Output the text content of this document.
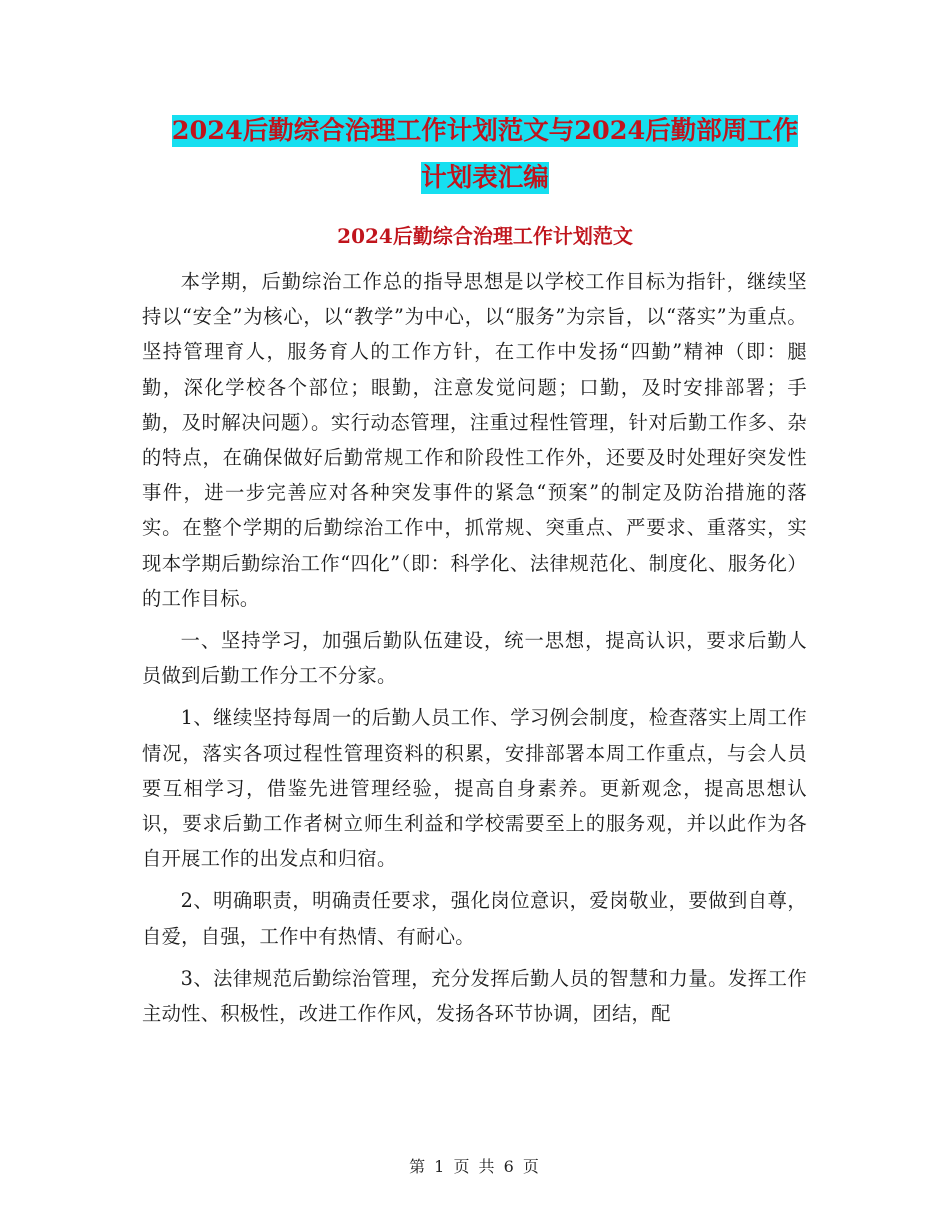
2024后勤综合治理工作计划范文与2024后勤部周工作
计划表汇编
2024后勤综合治理工作计划范文

本学期，后勤综治工作总的指导思想是以学校工作目标为指针，继续坚持以“安全”为核心，以“教学”为中心，以“服务”为宗旨，以“落实”为重点。坚持管理育人，服务育人的工作方针，在工作中发扬“四勤”精神（即：腿勤，深化学校各个部位；眼勤，注意发觉问题；口勤，及时安排部署；手勤，及时解决问题）。实行动态管理，注重过程性管理，针对后勤工作多、杂的特点，在确保做好后勤常规工作和阶段性工作外，还要及时处理好突发性事件，进一步完善应对各种突发事件的紧急“预案”的制定及防治措施的落实。在整个学期的后勤综治工作中，抓常规、突重点、严要求、重落实，实现本学期后勤综治工作“四化”（即：科学化、法律规范化、制度化、服务化）的工作目标。

一、坚持学习，加强后勤队伍建设，统一思想，提高认识，要求后勤人员做到后勤工作分工不分家。

1、继续坚持每周一的后勤人员工作、学习例会制度，检查落实上周工作情况，落实各项过程性管理资料的积累，安排部署本周工作重点，与会人员要互相学习，借鉴先进管理经验，提高自身素养。更新观念，提高思想认识，要求后勤工作者树立师生利益和学校需要至上的服务观，并以此作为各自开展工作的出发点和归宿。

2、明确职责，明确责任要求，强化岗位意识，爱岗敬业，要做到自尊，自爱，自强，工作中有热情、有耐心。

3、法律规范后勤综治管理，充分发挥后勤人员的智慧和力量。发挥工作主动性、积极性，改进工作作风，发扬各环节协调，团结，配

第 1 页 共 6 页
